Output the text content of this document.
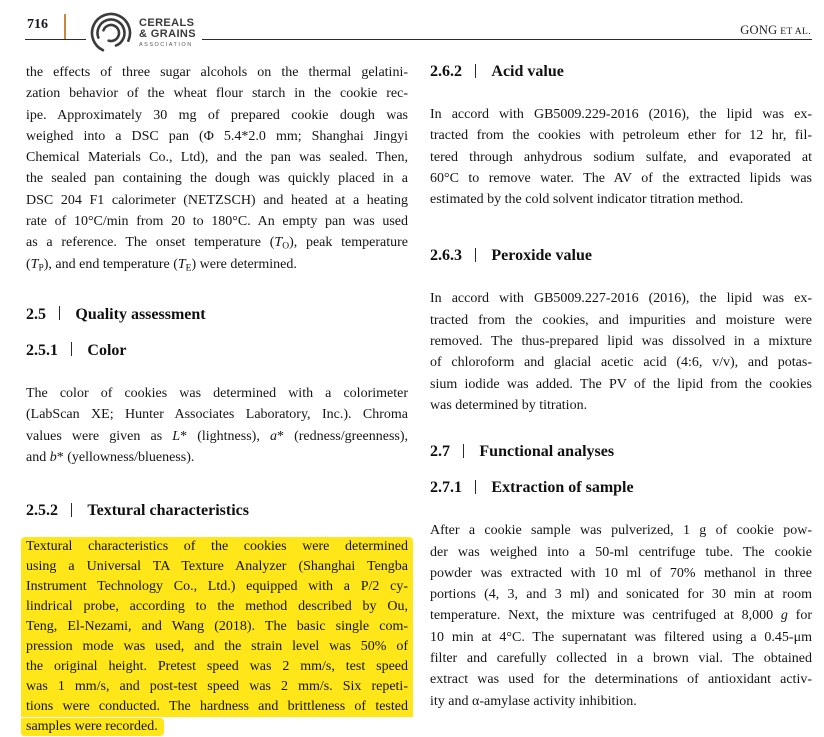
716	CEREALS
& GRAINS
ASSOCIATION
GONG ET AL.
the effects of three sugar alcohols on the thermal gelatini-
zation behavior of the wheat flour starch in the cookie rec-
ipe. Approximately 30 mg of prepared cookie dough was
weighed into a DSC pan (Φ 5.4*2.0 mm; Shanghai Jingyi
Chemical Materials Co., Ltd), and the pan was sealed. Then,
the sealed pan containing the dough was quickly placed in a
DSC 204 F1 calorimeter (NETZSCH) and heated at a heating
rate of 10°C/min from 20 to 180°C. An empty pan was used
as a reference. The onset temperature $(T_O)$, peak temperature
$(T_P)$, and end temperature $(T_E)$ were determined.
2.5 Quality assessment
2.5.1 Color
The color of cookies was determined with a colorimeter
(LabScan XE; Hunter Associates Laboratory, Inc.). Chroma
values were given as L* (lightness), a* (redness/greenness),
and b* (yellowness/blueness).
2.5.2 Textural characteristics
Textural characteristics of the cookies were determined
using a Universal TA Texture Analyzer (Shanghai Tengba
Instrument Technology Co., Ltd.) equipped with a P/2 cy-
lindrical probe, according to the method described by Ou,
Teng, El-Nezami, and Wang (2018). The basic single com-
pression mode was used, and the strain level was 50% of
the original height. Pretest speed was 2 mm/s, test speed
was 1 mm/s, and post-test speed was 2 mm/s. Six repeti-
tions were conducted. The hardness and brittleness of tested
samples were recorded.
2.6.2 Acid value
In accord with GB5009.229-2016 (2016), the lipid was ex-
tracted from the cookies with petroleum ether for 12 hr, fil-
tered through anhydrous sodium sulfate, and evaporated at
60°C to remove water. The AV of the extracted lipids was
estimated by the cold solvent indicator titration method.
2.6.3 Peroxide value
In accord with GB5009.227-2016 (2016), the lipid was ex-
tracted from the cookies, and impurities and moisture were
removed. The thus-prepared lipid was dissolved in a mixture
of chloroform and glacial acetic acid (4:6, v/v), and potas-
sium iodide was added. The PV of the lipid from the cookies
was determined by titration.
2.7 Functional analyses
2.7.1 Extraction of sample
After a cookie sample was pulverized, 1 g of cookie pow-
der was weighed into a 50-ml centrifuge tube. The cookie
powder was extracted with 10 ml of 70% methanol in three
portions (4, 3, and 3 ml) and sonicated for 30 min at room
temperature. Next, the mixture was centrifuged at 8,000 g for
10 min at 4°C. The supernatant was filtered using a 0.45-μm
filter and carefully collected in a brown vial. The obtained
extract was used for the determinations of antioxidant activ-
ity and α-amylase activity inhibition.
